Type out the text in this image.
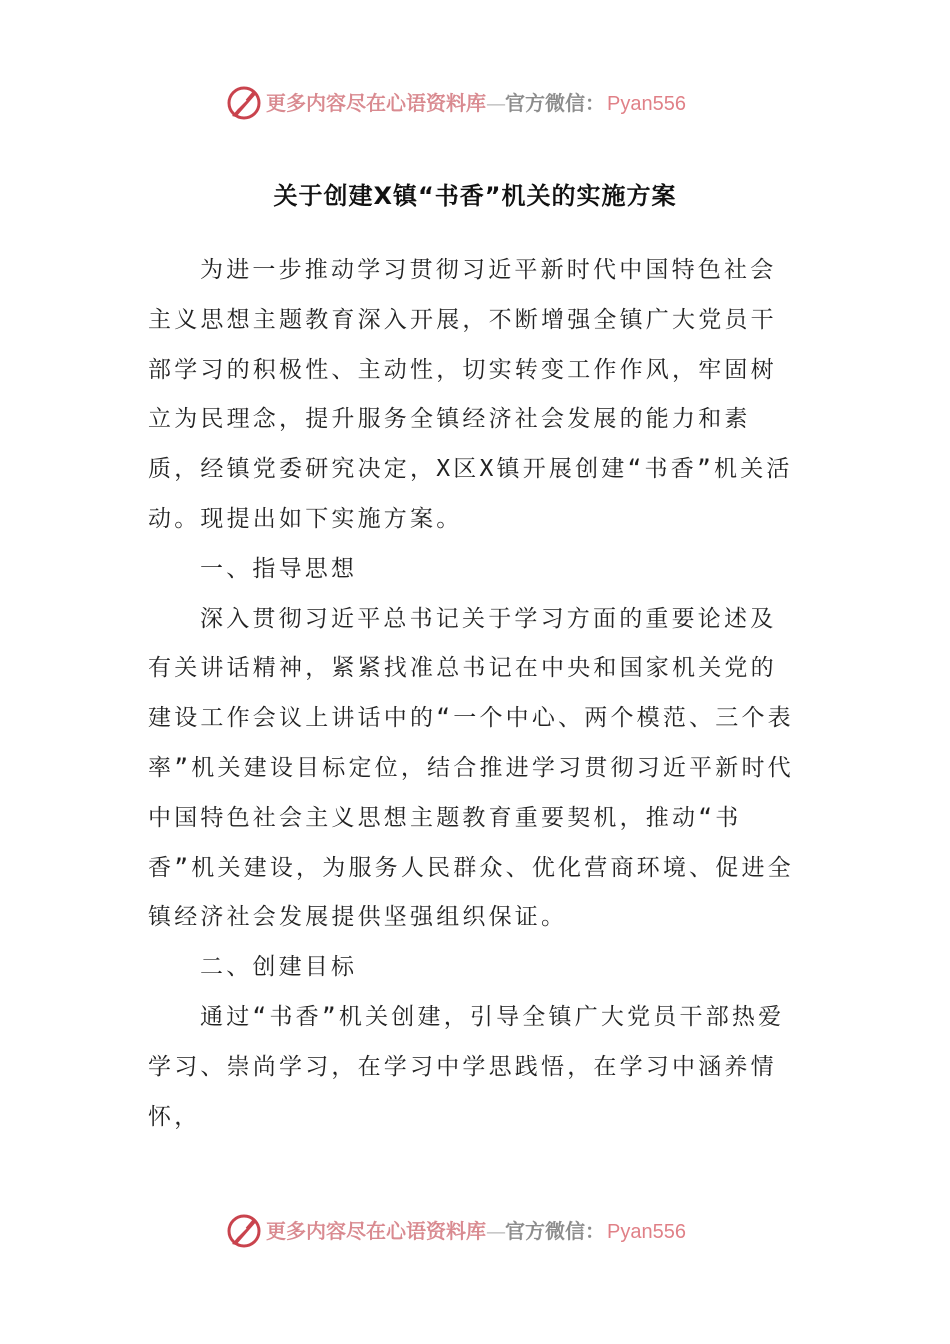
更多内容尽在心语资料库—官方微信： Pyan556
关于创建X镇“书香”机关的实施方案

为进一步推动学习贯彻习近平新时代中国特色社会主义思想主题教育深入开展，不断增强全镇广大党员干部学习的积极性、主动性，切实转变工作作风，牢固树立为民理念，提升服务全镇经济社会发展的能力和素质，经镇党委研究决定，X区X镇开展创建“书香”机关活动。现提出如下实施方案。

一、指导思想

深入贯彻习近平总书记关于学习方面的重要论述及有关讲话精神，紧紧找准总书记在中央和国家机关党的建设工作会议上讲话中的“一个中心、两个模范、三个表率”机关建设目标定位，结合推进学习贯彻习近平新时代中国特色社会主义思想主题教育重要契机，推动“书香”机关建设，为服务人民群众、优化营商环境、促进全镇经济社会发展提供坚强组织保证。

二、创建目标

通过“书香”机关创建，引导全镇广大党员干部热爱学习、崇尚学习，在学习中学思践悟，在学习中涵养情怀，

更多内容尽在心语资料库—官方微信： Pyan556
